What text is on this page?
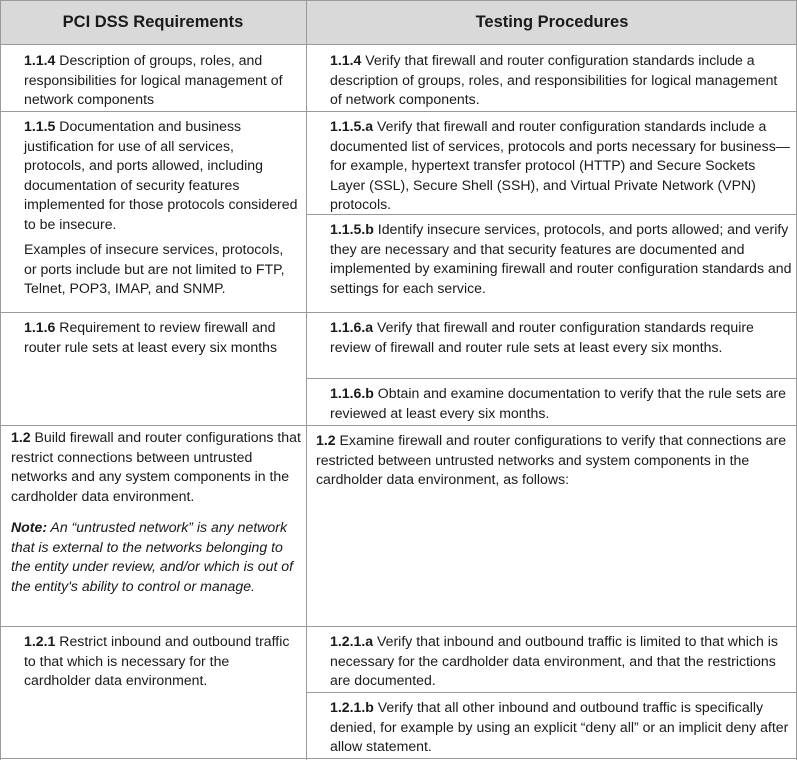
PCI DSS Requirements	Testing Procedures

1.1.4 Description of groups, roles, and responsibilities for logical management of network components

1.1.4 Verify that firewall and router configuration standards include a description of groups, roles, and responsibilities for logical management of network components.

1.1.5 Documentation and business justification for use of all services, protocols, and ports allowed, including documentation of security features implemented for those protocols considered to be insecure.

Examples of insecure services, protocols, or ports include but are not limited to FTP, Telnet, POP3, IMAP, and SNMP.

1.1.5.a Verify that firewall and router configuration standards include a documented list of services, protocols and ports necessary for business—for example, hypertext transfer protocol (HTTP) and Secure Sockets Layer (SSL), Secure Shell (SSH), and Virtual Private Network (VPN) protocols.

1.1.5.b Identify insecure services, protocols, and ports allowed; and verify they are necessary and that security features are documented and implemented by examining firewall and router configuration standards and settings for each service.

1.1.6 Requirement to review firewall and router rule sets at least every six months

1.1.6.a Verify that firewall and router configuration standards require review of firewall and router rule sets at least every six months.

1.1.6.b Obtain and examine documentation to verify that the rule sets are reviewed at least every six months.

1.2 Build firewall and router configurations that restrict connections between untrusted networks and any system components in the cardholder data environment.

Note: An “untrusted network” is any network that is external to the networks belonging to the entity under review, and/or which is out of the entity's ability to control or manage.

1.2 Examine firewall and router configurations to verify that connections are restricted between untrusted networks and system components in the cardholder data environment, as follows:

1.2.1 Restrict inbound and outbound traffic to that which is necessary for the cardholder data environment.

1.2.1.a Verify that inbound and outbound traffic is limited to that which is necessary for the cardholder data environment, and that the restrictions are documented.

1.2.1.b Verify that all other inbound and outbound traffic is specifically denied, for example by using an explicit “deny all” or an implicit deny after allow statement.
